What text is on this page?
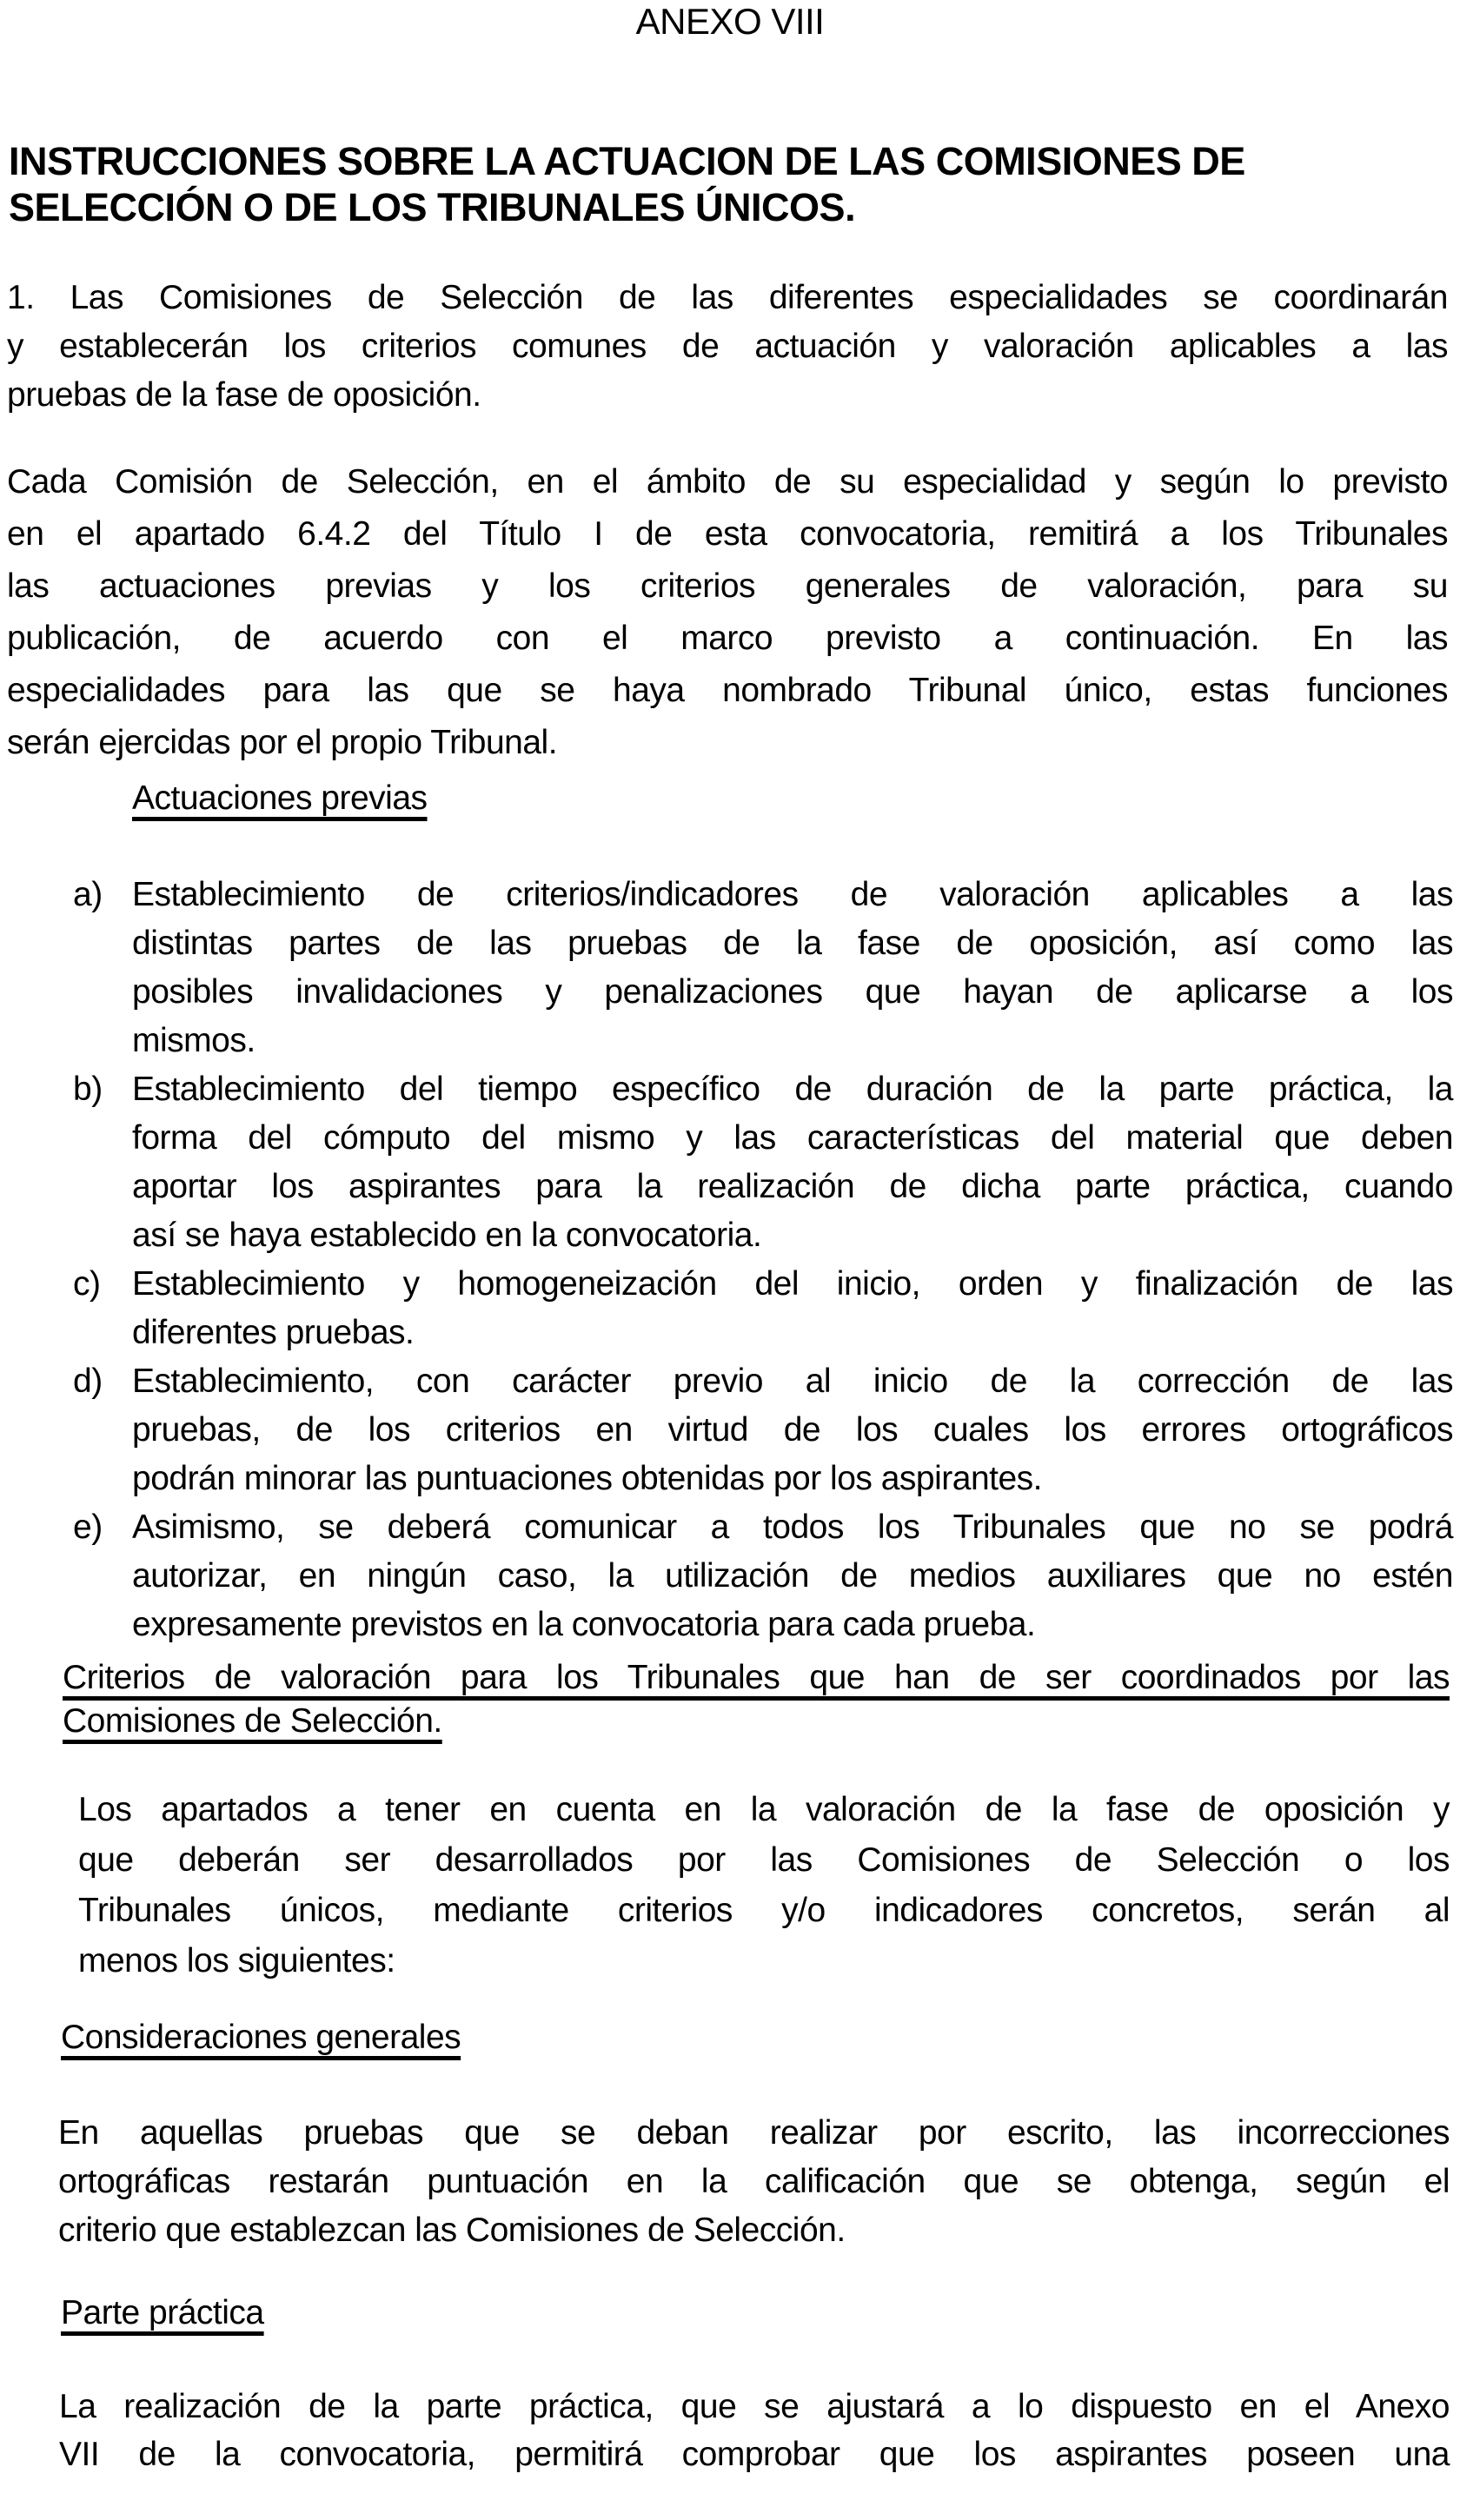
ANEXO VIII
INSTRUCCIONES SOBRE LA ACTUACION DE LAS COMISIONES DE
SELECCIÓN O DE LOS TRIBUNALES ÚNICOS.
1. Las Comisiones de Selección de las diferentes especialidades se coordinarán
y establecerán los criterios comunes de actuación y valoración aplicables a las
pruebas de la fase de oposición.
Cada Comisión de Selección, en el ámbito de su especialidad y según lo previsto
en el apartado 6.4.2 del Título I de esta convocatoria, remitirá a los Tribunales
las actuaciones previas y los criterios generales de valoración, para su
publicación, de acuerdo con el marco previsto a continuación. En las
especialidades para las que se haya nombrado Tribunal único, estas funciones
serán ejercidas por el propio Tribunal.
Actuaciones previas
a) Establecimiento de criterios/indicadores de valoración aplicables a las
distintas partes de las pruebas de la fase de oposición, así como las
posibles invalidaciones y penalizaciones que hayan de aplicarse a los
mismos.
b) Establecimiento del tiempo específico de duración de la parte práctica, la
forma del cómputo del mismo y las características del material que deben
aportar los aspirantes para la realización de dicha parte práctica, cuando
así se haya establecido en la convocatoria.
c) Establecimiento y homogeneización del inicio, orden y finalización de las
diferentes pruebas.
d) Establecimiento, con carácter previo al inicio de la corrección de las
pruebas, de los criterios en virtud de los cuales los errores ortográficos
podrán minorar las puntuaciones obtenidas por los aspirantes.
e) Asimismo, se deberá comunicar a todos los Tribunales que no se podrá
autorizar, en ningún caso, la utilización de medios auxiliares que no estén
expresamente previstos en la convocatoria para cada prueba.
Criterios de valoración para los Tribunales que han de ser coordinados por las
Comisiones de Selección.
Los apartados a tener en cuenta en la valoración de la fase de oposición y
que deberán ser desarrollados por las Comisiones de Selección o los
Tribunales únicos, mediante criterios y/o indicadores concretos, serán al
menos los siguientes:
Consideraciones generales
En aquellas pruebas que se deban realizar por escrito, las incorrecciones
ortográficas restarán puntuación en la calificación que se obtenga, según el
criterio que establezcan las Comisiones de Selección.
Parte práctica
La realización de la parte práctica, que se ajustará a lo dispuesto en el Anexo
VII de la convocatoria, permitirá comprobar que los aspirantes poseen una
